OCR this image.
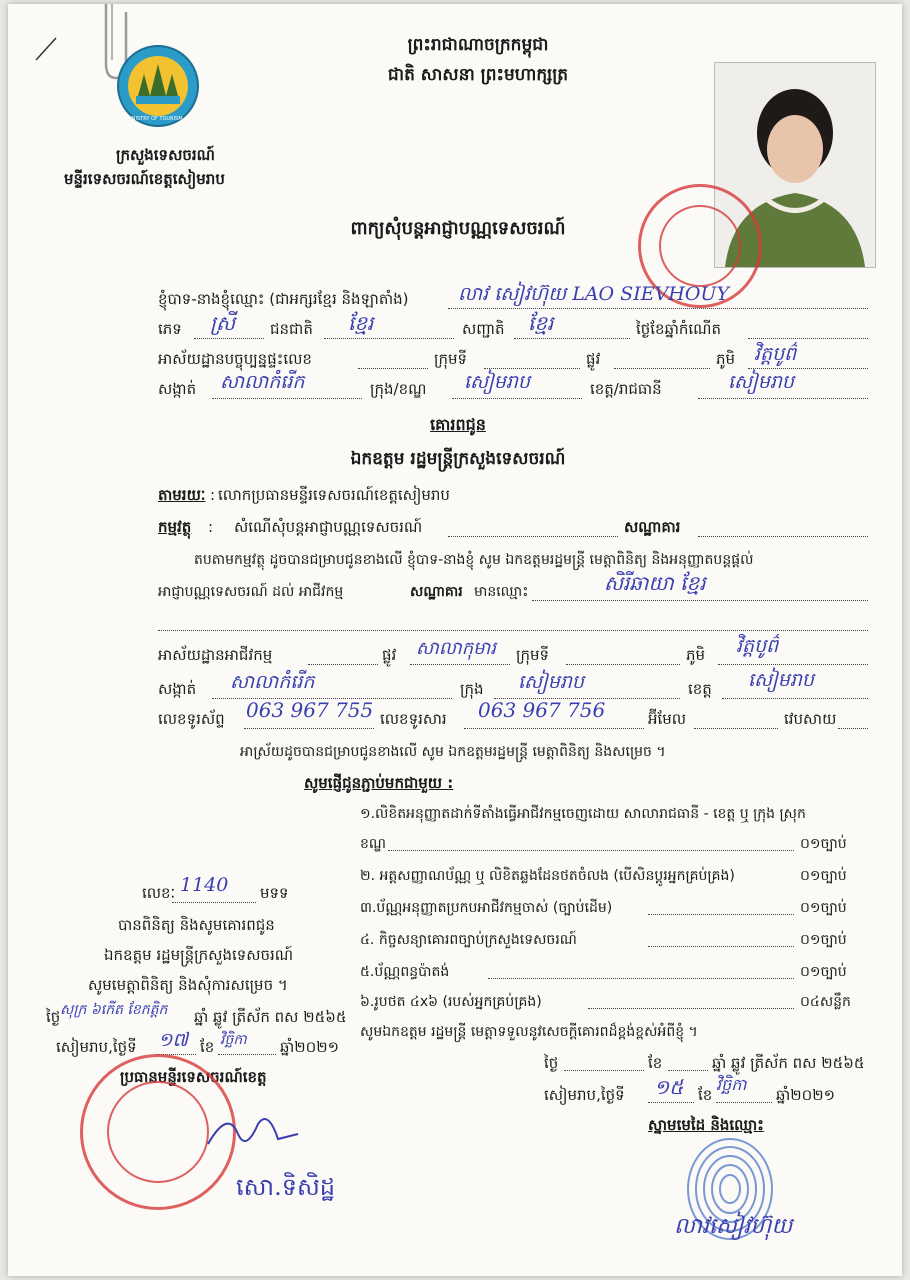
MINISTRY OF TOURISM
ព្រះរាជាណាចក្រកម្ពុជា
ជាតិ សាសនា ព្រះមហាក្សត្រ
ក្រសួងទេសចរណ៍
មន្ទីរទេសចរណ៍ខេត្តសៀមរាប
ពាក្យសុំបន្តអាជ្ញាបណ្ណទេសចរណ៍
ខ្ញុំបាទ-នាងខ្ញុំឈ្មោះ (ជាអក្សរខ្មែរ និងឡាតាំង)	លាវ សៀវហ៊ុយ LAO SIEVHOUY
ភេទ ស្រី ជនជាតិ ខ្មែរ	សញ្ជាតិ ខ្មែរ	ថ្ងៃខែឆ្នាំកំណើត
អាស័យដ្ឋានបច្ចុប្បន្នផ្ទះលេខ	ក្រុមទី	ផ្លូវ	ភូមិ វិត្តបូព៌
សង្កាត់ សាលាកំរើក	ក្រុង/ខណ្ឌ សៀមរាប	ខេត្ត/រាជធានី	សៀមរាប
គោរពជូន
ឯកឧត្តម រដ្ឋមន្ត្រីក្រសួងទេសចរណ៍
តាមរយៈ លោកប្រធានមន្ទីរទេសចរណ៍ខេត្តសៀមរាប
:
កម្មវត្ថុ : សំណើសុំបន្តអាជ្ញាបណ្ណទេសចរណ៍	សណ្ឋាគារ
តបតាមកម្មវត្ថុ ដូចបានជម្រាបជូនខាងលើ ខ្ញុំបាទ-នាងខ្ញុំ សូម ឯកឧត្តមរដ្ឋមន្ត្រី មេត្តាពិនិត្យ និងអនុញ្ញាតបន្តផ្តល់
អាជ្ញាបណ្ណទេសចរណ៍ ដល់ អាជីវកម្ម	សណ្ឋាគារ មានឈ្មោះ	សិរីឆាយា ខ្មែរ
អាស័យដ្ឋានអាជីវកម្ម	ផ្លូវ សាលាកុមារ ក្រុមទី	ភូមិ វិត្តបូព៌
សង្កាត់ សាលាកំរើក	ក្រុង សៀមរាប	ខេត្ត សៀមរាប
លេខទូរស័ព្ទ 063 967 755 លេខទូរសារ 063 967 756	អ៊ីមែល	វេបសាយ
អាស្រ័យដូចបានជម្រាបជូនខាងលើ សូម ឯកឧត្តមរដ្ឋមន្ត្រី មេត្តាពិនិត្យ និងសម្រេច ។
សូមផ្ញើជូនភ្ជាប់មកជាមួយ :
១.លិខិតអនុញ្ញាតដាក់ទីតាំងធ្វើអាជីវកម្មចេញដោយ សាលារាជធានី - ខេត្ត ឬ ក្រុង ស្រុក
ខណ្ឌ	០១ច្បាប់
២. អត្តសញ្ញាណប័ណ្ណ ឬ លិខិតឆ្លងដែនថតចំលង (បើសិនប្តូរអ្នកគ្រប់គ្រង)	០១ច្បាប់
៣.ប័ណ្ណអនុញ្ញាតប្រកបអាជីវកម្មចាស់ (ច្បាប់ដើម)	០១ច្បាប់
៤. កិច្ចសន្យាគោរពច្បាប់ក្រសួងទេសចរណ៍	០១ច្បាប់
៥.ប័ណ្ណពន្ធប៉ាតង់	០១ច្បាប់
៦.រូបថត ៤x៦ (របស់អ្នកគ្រប់គ្រង)	០៤សន្លឹក
សូមឯកឧត្តម រដ្ឋមន្ត្រី មេត្តាទទួលនូវសេចក្តីគោរពដ៏ខ្ពង់ខ្ពស់អំពីខ្ញុំ ។
ថ្ងៃ	ខែ	ឆ្នាំ ឆ្លូវ ត្រីស័ក ពស ២៥៦៥
សៀមរាប,ថ្ងៃទី ១៥ ខែ
វិច្ឆិកា
ឆ្នាំ២០២១
ស្នាមមេដៃ និងឈ្មោះ
លាវសៀវហ៊ុយ
លេខៈ 1140 មទទ
បានពិនិត្យ និងសូមគោរពជូន
ឯកឧត្តម រដ្ឋមន្ត្រីក្រសួងទេសចរណ៍
សូមមេត្តាពិនិត្យ និងសុំការសម្រេច ។
ថ្ងៃ សុក្រ ៦កើត ខែកត្តិក ឆ្នាំ ឆ្លូវ ត្រីស័ក ពស ២៥៦៥
សៀមរាប,ថ្ងៃទី ១៧ ខែ វិច្ឆិកា ឆ្នាំ២០២១
ប្រធានមន្ទីរទេសចរណ៍ខេត្ត
សោ.ទិសិដ្ឋ
